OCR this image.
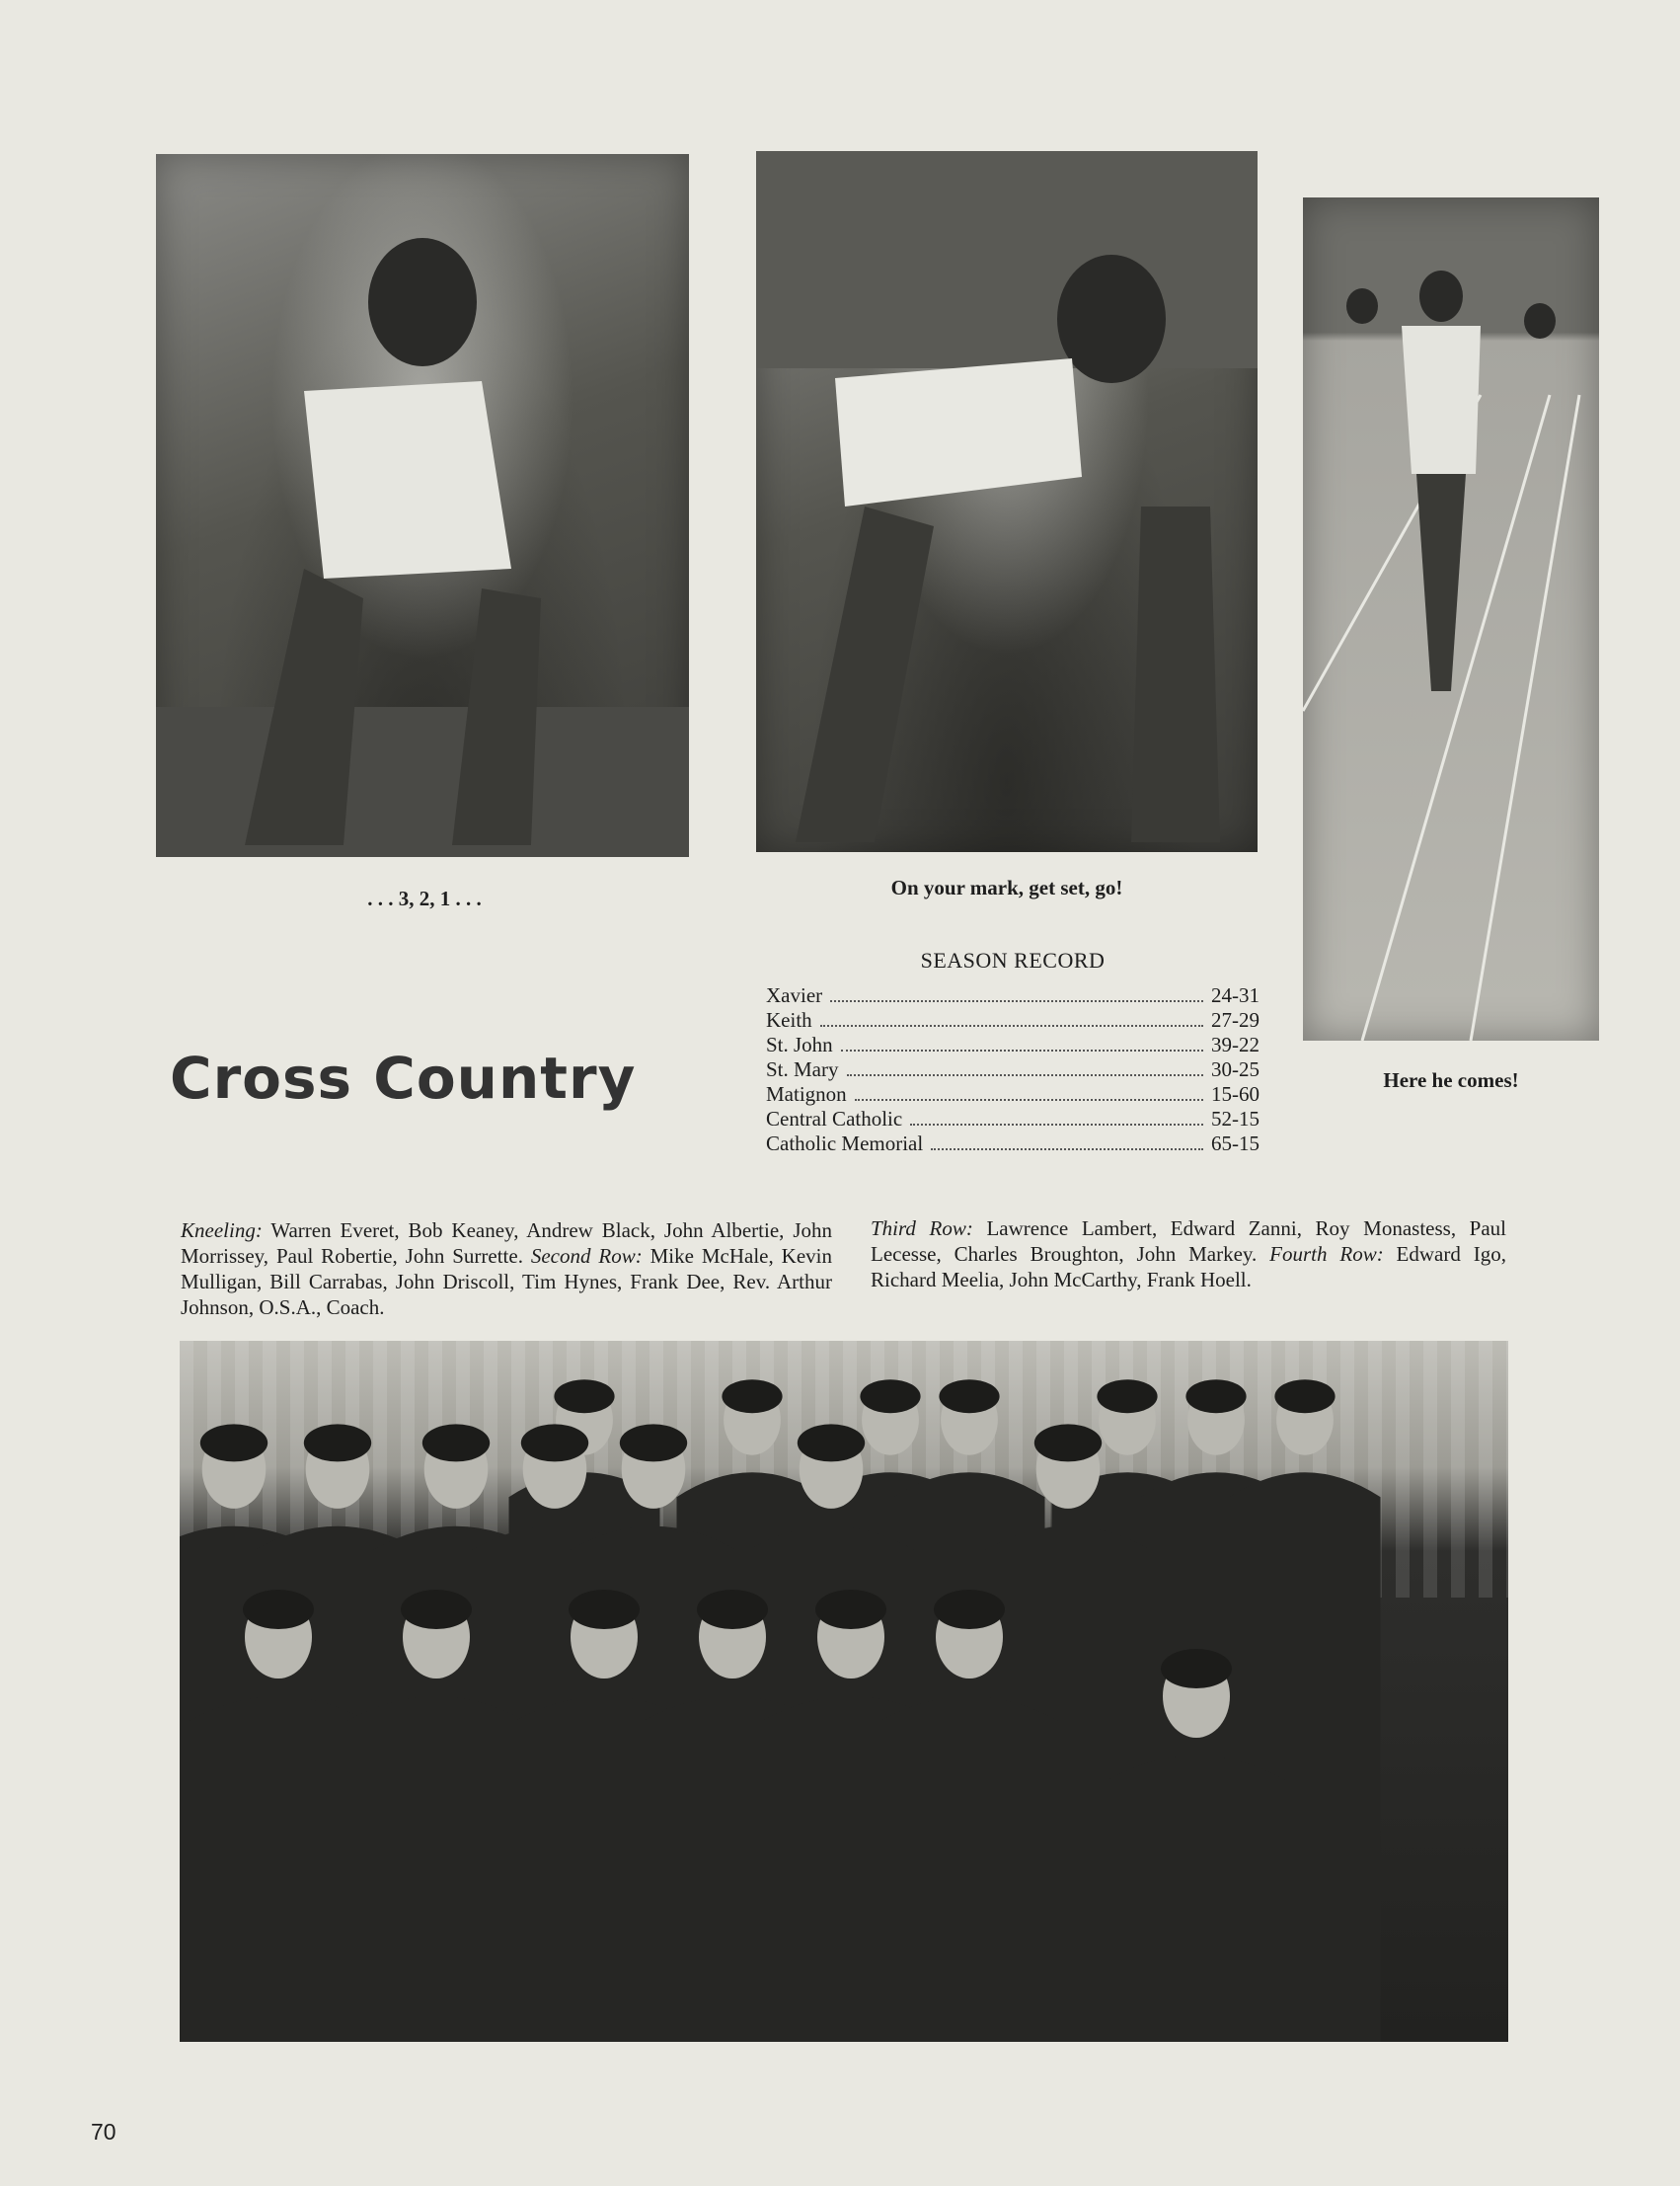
. . . 3, 2, 1 . . .	On your mark, get set, go!
Here he comes!
Cross Country
SEASON RECORD
Xavier	24-31
Keith	27-29
St. John	39-22
St. Mary	30-25
Matignon	15-60
Central Catholic	52-15
Catholic Memorial	65-15
Kneeling: Warren Everet, Bob Keaney, Andrew Black, John Albertie, John Morrissey, Paul Robertie, John Surrette. Second Row: Mike McHale, Kevin Mulligan, Bill Carrabas, John Driscoll, Tim Hynes, Frank Dee, Rev. Arthur Johnson, O.S.A., Coach.
Third Row: Lawrence Lambert, Edward Zanni, Roy Monastess, Paul Lecesse, Charles Broughton, John Markey. Fourth Row: Edward Igo, Richard Meelia, John McCarthy, Frank Hoell.
70
